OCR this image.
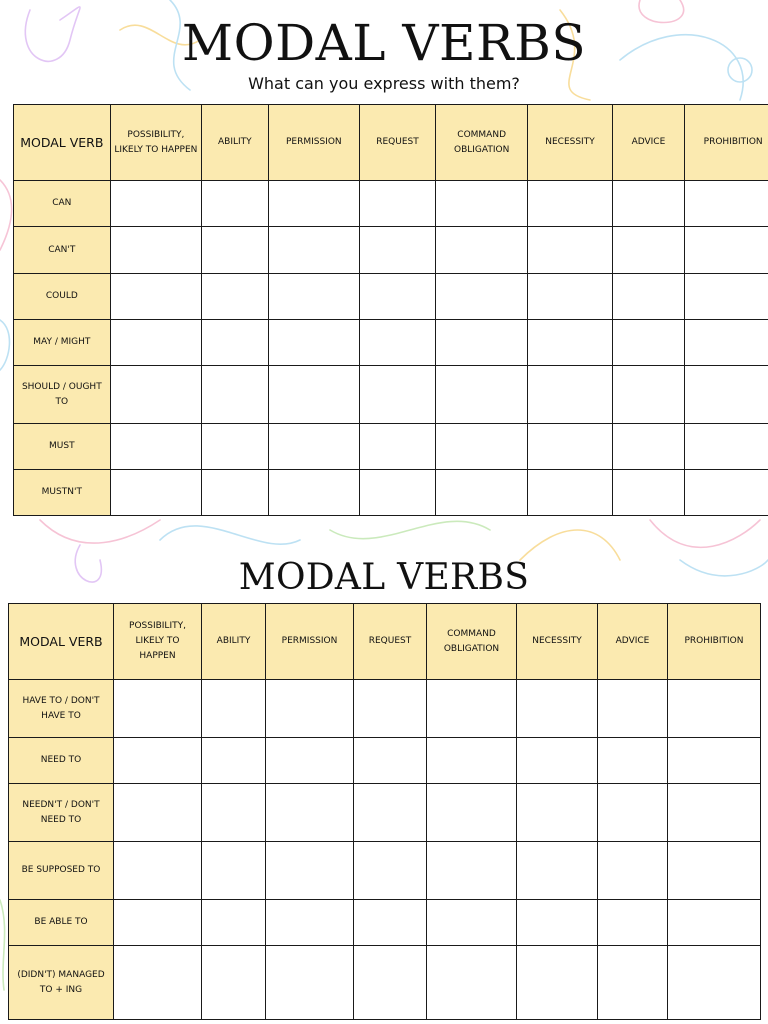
MODAL VERBS
What can you express with them?
MODAL VERB	POSSIBILITY, LIKELY TO HAPPEN	ABILITY	PERMISSION	REQUEST	COMMAND OBLIGATION	NECESSITY	ADVICE	PROHIBITION
CAN								
CAN'T								
COULD								
MAY / MIGHT								
SHOULD / OUGHT TO								
MUST								
MUSTN'T								
MODAL VERBS
MODAL VERB	POSSIBILITY, LIKELY TO HAPPEN	ABILITY	PERMISSION	REQUEST	COMMAND OBLIGATION	NECESSITY	ADVICE	PROHIBITION
HAVE TO / DON'T HAVE TO								
NEED TO								
NEEDN'T / DON'T NEED TO								
BE SUPPOSED TO								
BE ABLE TO								
(DIDN'T) MANAGED TO + ING								
